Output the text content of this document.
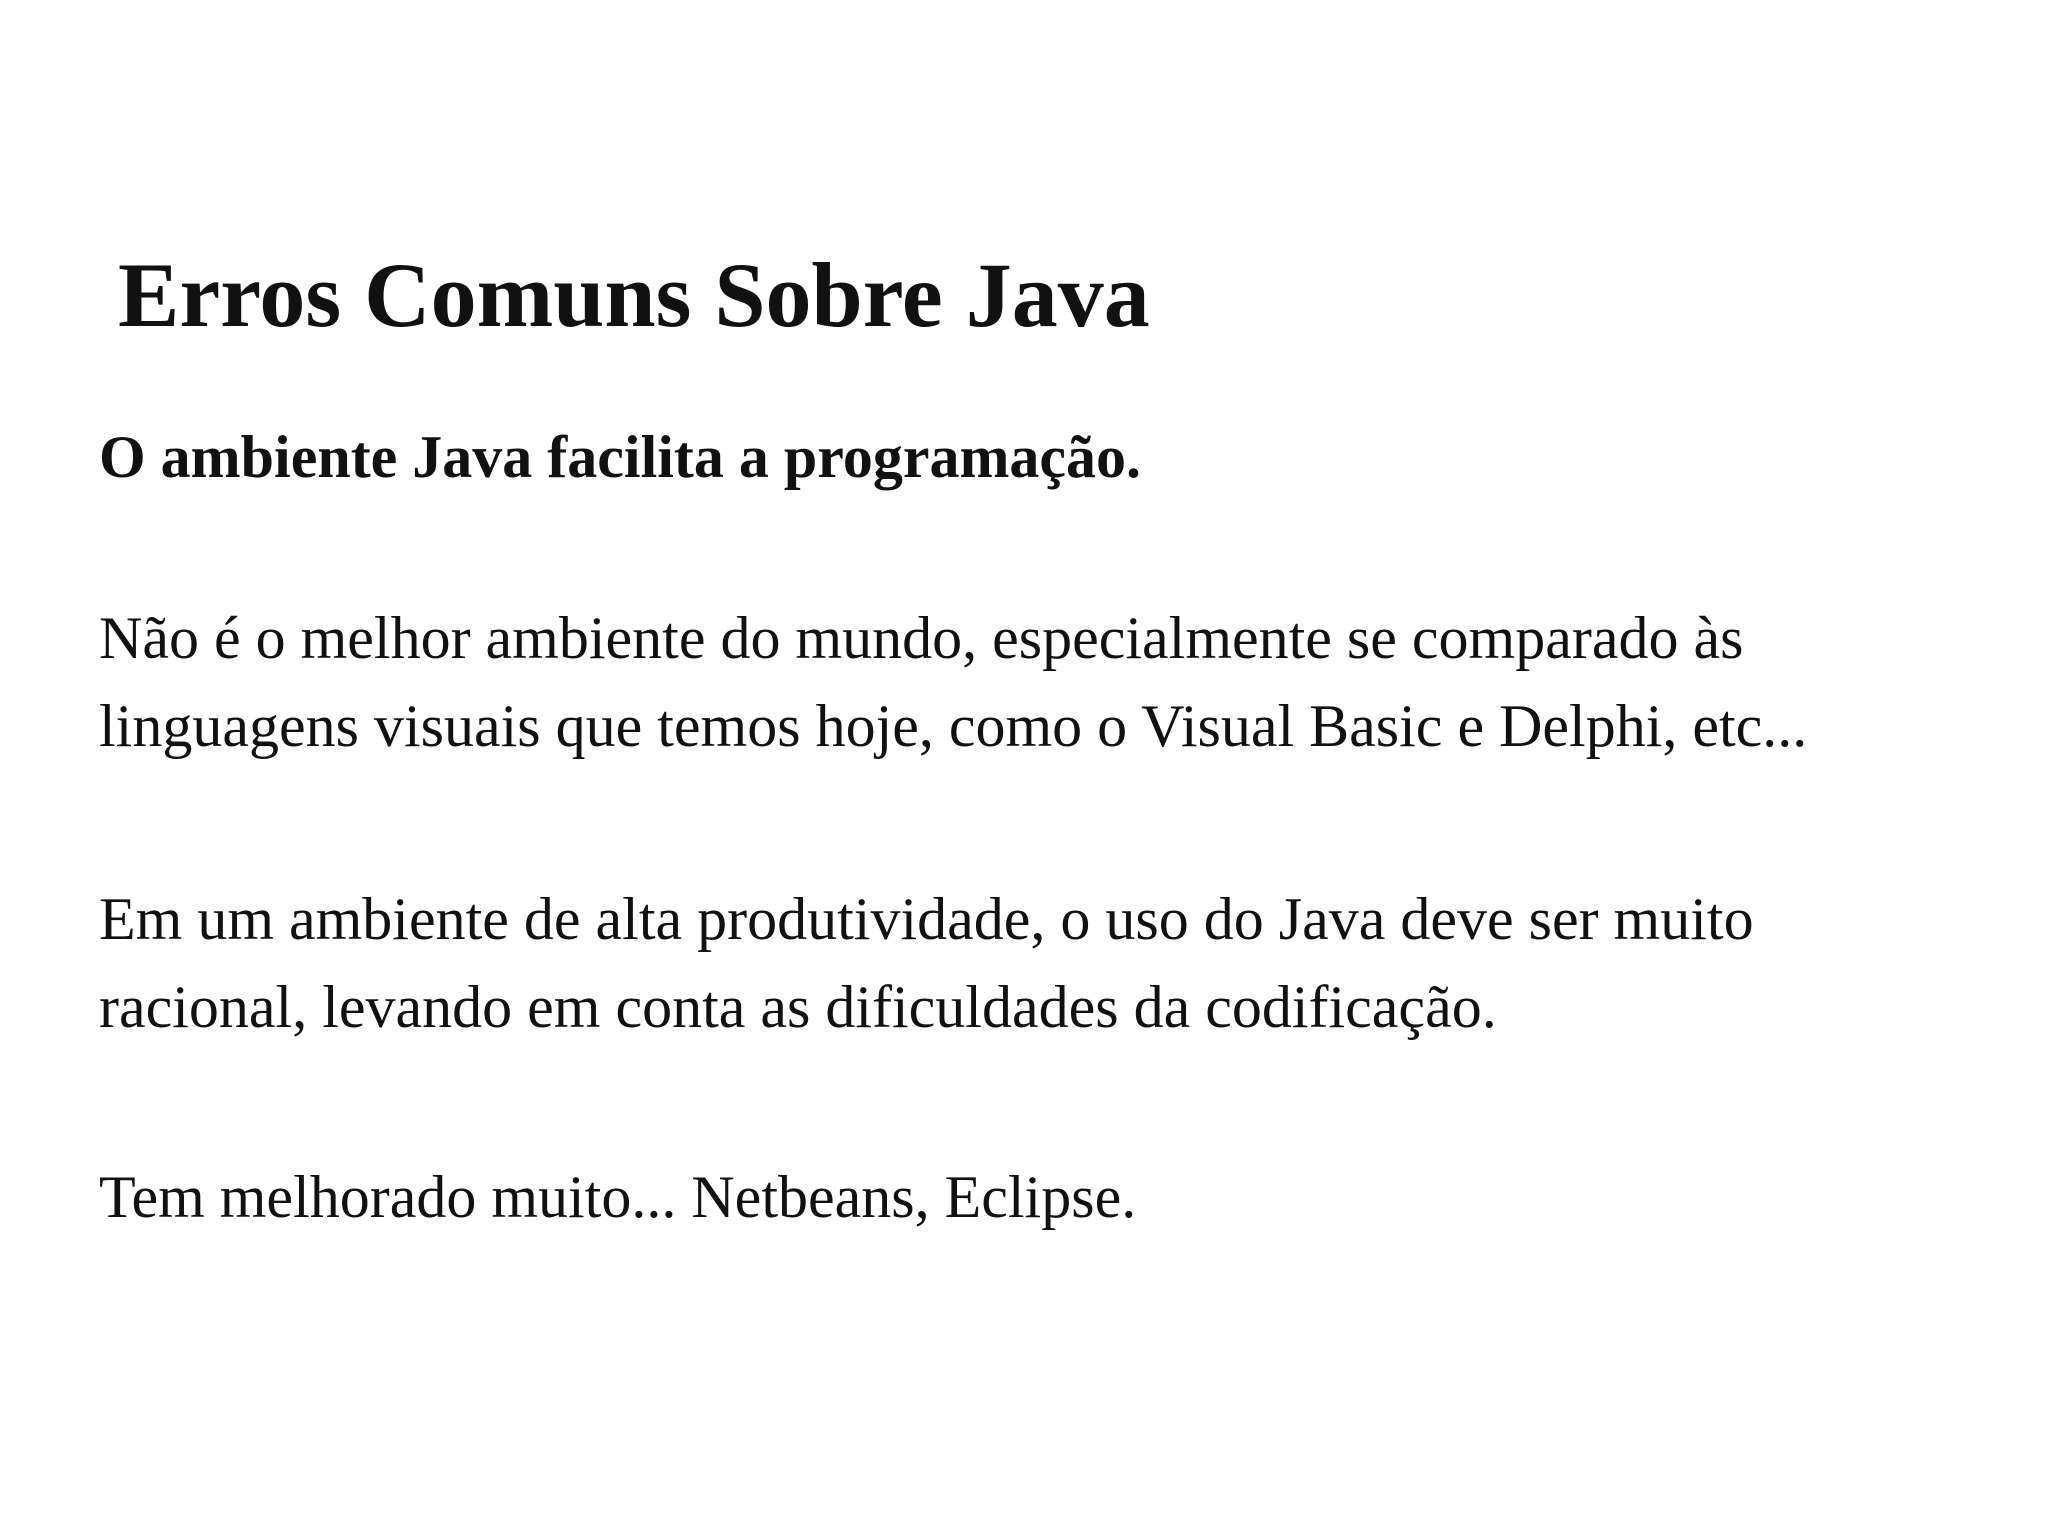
Erros Comuns Sobre Java

O ambiente Java facilita a programação.

Não é o melhor ambiente do mundo, especialmente se comparado às
linguagens visuais que temos hoje, como o Visual Basic e Delphi, etc...

Em um ambiente de alta produtividade, o uso do Java deve ser muito
racional, levando em conta as dificuldades da codificação.

Tem melhorado muito... Netbeans, Eclipse.
